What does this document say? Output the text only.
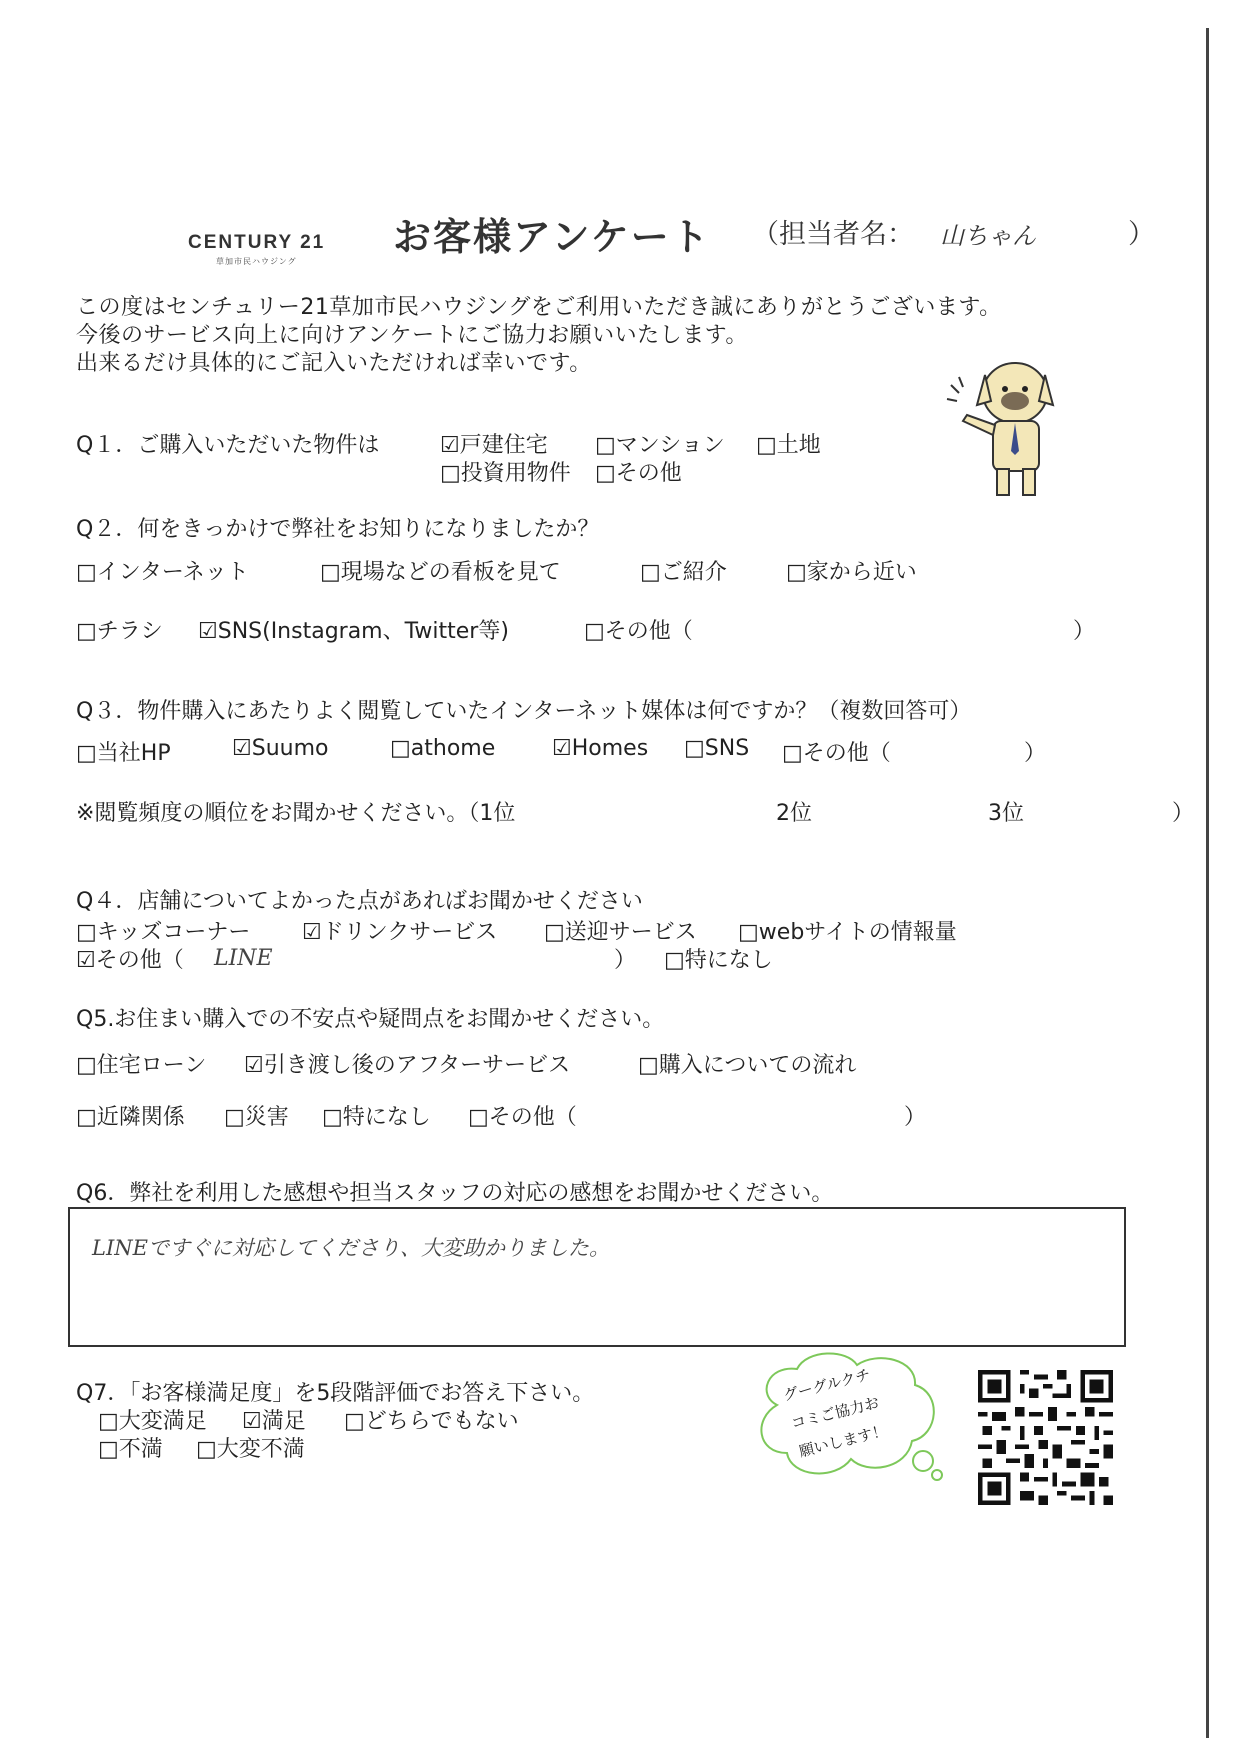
CENTURY 21
草加市民ハウジング
お客様アンケート （担当者名： 山ちゃん	）
この度はセンチュリー21草加市民ハウジングをご利用いただき誠にありがとうございます。
今後のサービス向上に向けアンケートにご協力お願いいたします。
出来るだけ具体的にご記入いただければ幸いです。
Q１．ご購入いただいた物件は	☑戸建住宅 □マンション □土地
□投資用物件 □その他
Q２．何をきっかけで弊社をお知りになりましたか？
□インターネット	□現場などの看板を見て	□ご紹介	□家から近い
□チラシ ☑SNS(Instagram、Twitter等)	□その他（	）
Q３．物件購入にあたりよく閲覧していたインターネット媒体は何ですか？（複数回答可）
□当社HP	☑Suumo	□athome	☑Homes □SNS □その他（	）
※閲覧頻度の順位をお聞かせください。（1位	2位	3位	）
Q４．店舗についてよかった点があればお聞かせください
□キッズコーナー ☑ドリンクサービス □送迎サービス □webサイトの情報量
☑その他（ LINE	） □特になし
Q5.お住まい購入での不安点や疑問点をお聞かせください。
□住宅ローン ☑引き渡し後のアフターサービス	□購入についての流れ
□近隣関係 □災害 □特になし □その他（	）
Q6．弊社を利用した感想や担当スタッフの対応の感想をお聞かせください。
LINEですぐに対応してくださり、大変助かりました。
Q7．「お客様満足度」を5段階評価でお答え下さい。
□大変満足 ☑満足 □どちらでもない
□不満 □大変不満
グーグルクチ
コミご協力お
願いします！
